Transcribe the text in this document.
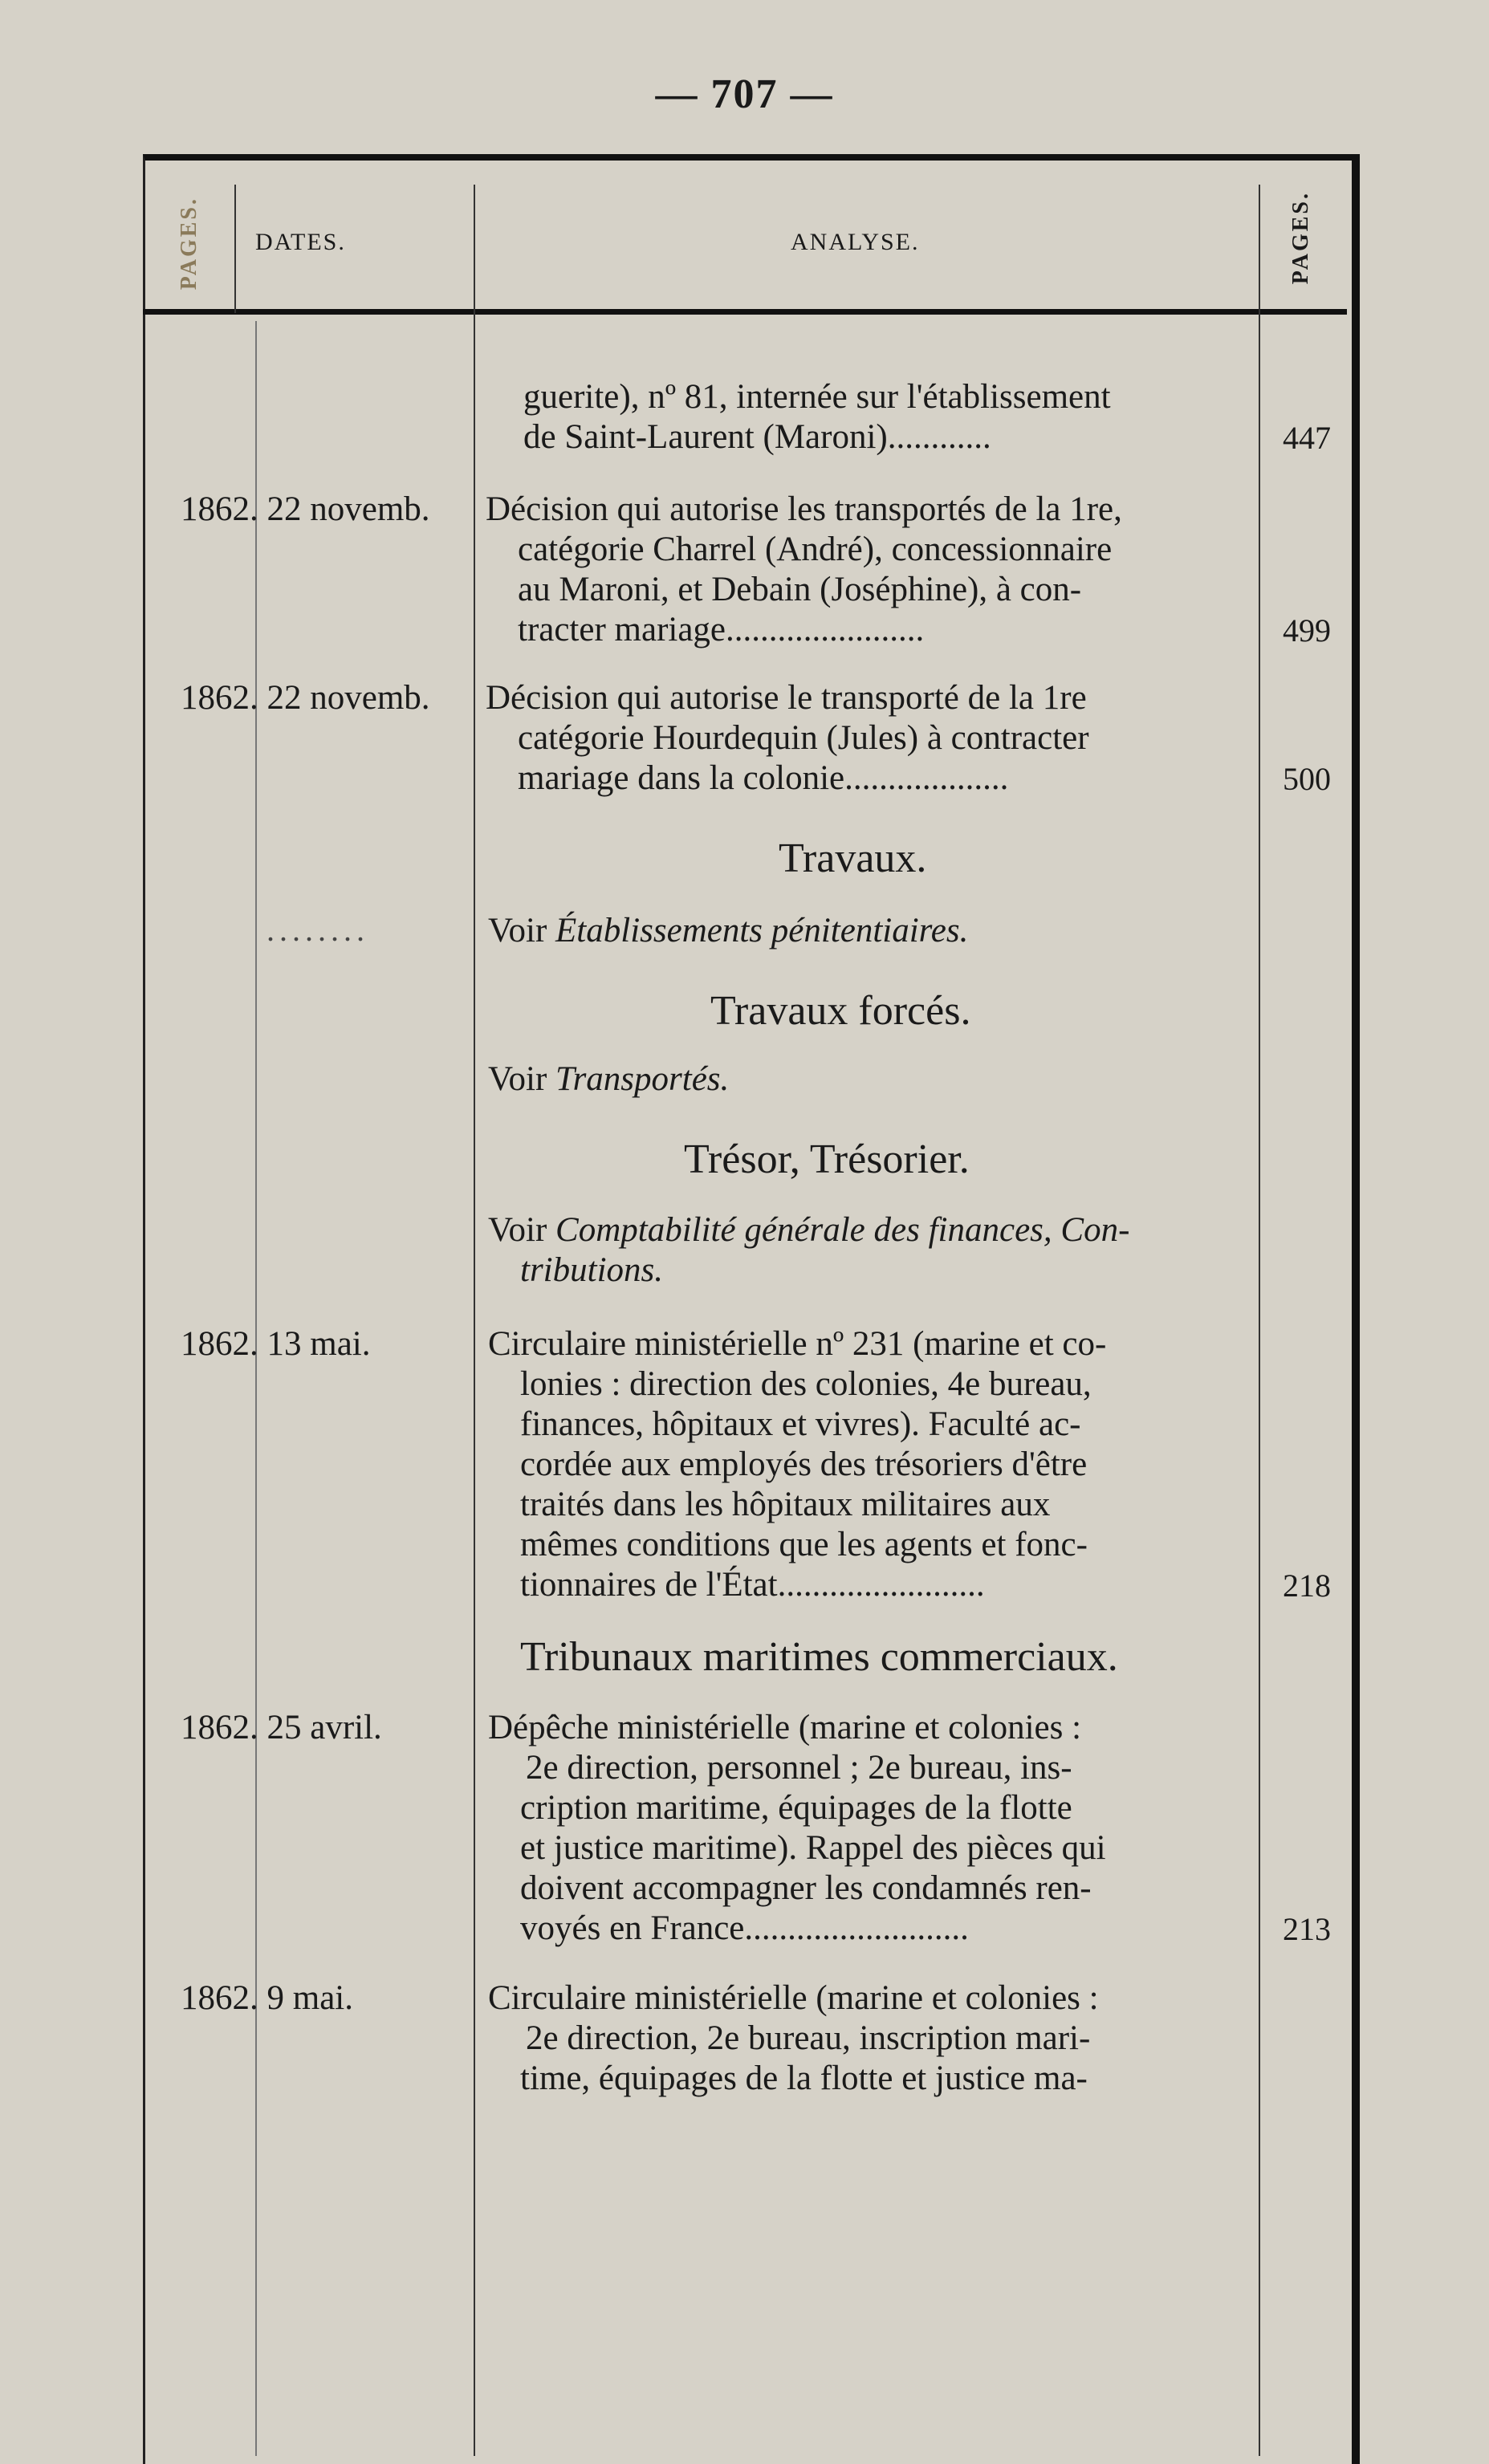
— 707 —
PAGES. DATES.	ANALYSE.	PAGES.
guerite), nº 81, internée sur l'établissement
de Saint-Laurent (Maroni)............	447
1862. 22 novemb. Décision qui autorise les transportés de la 1re,
catégorie Charrel (André), concessionnaire
au Maroni, et Debain (Joséphine), à con-
tracter mariage.......................	499
1862. 22 novemb. Décision qui autorise le transporté de la 1re
catégorie Hourdequin (Jules) à contracter
mariage dans la colonie...................	500
Travaux.
........	Voir Établissements pénitentiaires.
Travaux forcés.
Voir Transportés.
Trésor, Trésorier.
Voir Comptabilité générale des finances, Con-
tributions.
1862. 13 mai.	Circulaire ministérielle nº 231 (marine et co-
lonies : direction des colonies, 4e bureau,
finances, hôpitaux et vivres). Faculté ac-
cordée aux employés des trésoriers d'être
traités dans les hôpitaux militaires aux
mêmes conditions que les agents et fonc-
tionnaires de l'État........................	218
Tribunaux maritimes commerciaux.
1862. 25 avril.	Dépêche ministérielle (marine et colonies :
2e direction, personnel ; 2e bureau, ins-
cription maritime, équipages de la flotte
et justice maritime). Rappel des pièces qui
doivent accompagner les condamnés ren-
voyés en France..........................	213
1862. 9 mai.	Circulaire ministérielle (marine et colonies :
2e direction, 2e bureau, inscription mari-
time, équipages de la flotte et justice ma-
